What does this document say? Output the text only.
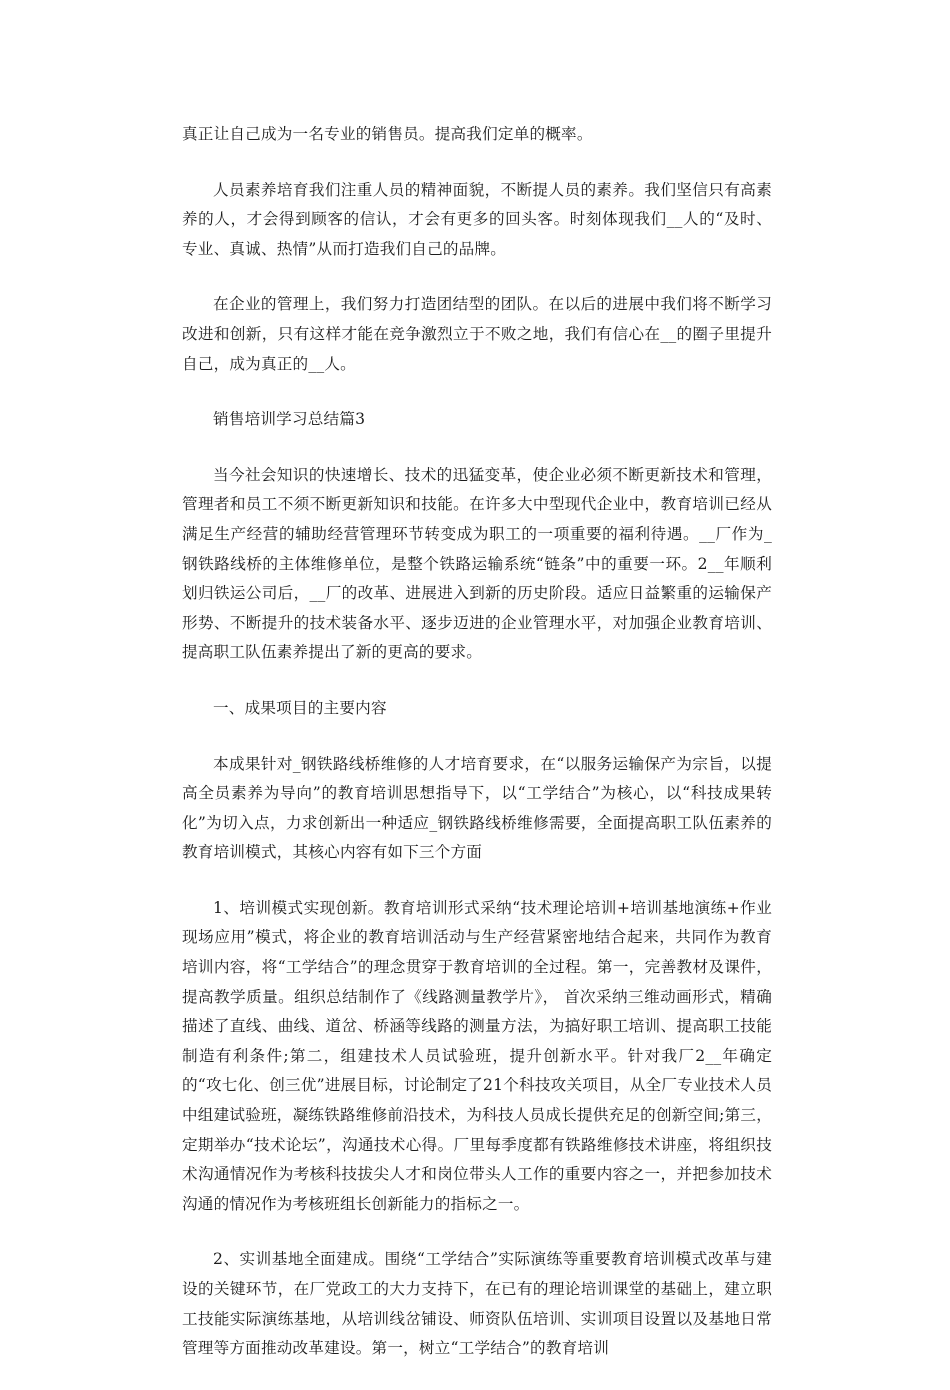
真正让自己成为一名专业的销售员。提高我们定单的概率。

人员素养培育我们注重人员的精神面貌，不断提人员的素养。我们坚信只有高素养的人，才会得到顾客的信认，才会有更多的回头客。时刻体现我们__人的“及时、专业、真诚、热情”从而打造我们自己的品牌。

在企业的管理上，我们努力打造团结型的团队。在以后的进展中我们将不断学习改进和创新，只有这样才能在竞争激烈立于不败之地，我们有信心在__的圈子里提升自己，成为真正的__人。

销售培训学习总结篇3

当今社会知识的快速增长、技术的迅猛变革，使企业必须不断更新技术和管理，管理者和员工不须不断更新知识和技能。在许多大中型现代企业中，教育培训已经从满足生产经营的辅助经营管理环节转变成为职工的一项重要的福利待遇。__厂作为_钢铁路线桥的主体维修单位，是整个铁路运输系统“链条”中的重要一环。2__年顺利划归铁运公司后，__厂的改革、进展进入到新的历史阶段。适应日益繁重的运输保产形势、不断提升的技术装备水平、逐步迈进的企业管理水平，对加强企业教育培训、提高职工队伍素养提出了新的更高的要求。

一、成果项目的主要内容

本成果针对_钢铁路线桥维修的人才培育要求，在“以服务运输保产为宗旨，以提高全员素养为导向”的教育培训思想指导下，以“工学结合”为核心，以“科技成果转化”为切入点，力求创新出一种适应_钢铁路线桥维修需要，全面提高职工队伍素养的教育培训模式，其核心内容有如下三个方面

1、培训模式实现创新。教育培训形式采纳“技术理论培训+培训基地演练+作业现场应用”模式，将企业的教育培训活动与生产经营紧密地结合起来，共同作为教育培训内容，将“工学结合”的理念贯穿于教育培训的全过程。第一，完善教材及课件，提高教学质量。组织总结制作了《线路测量教学片》， 首次采纳三维动画形式，精确描述了直线、曲线、道岔、桥涵等线路的测量方法，为搞好职工培训、提高职工技能制造有利条件;第二，组建技术人员试验班，提升创新水平。针对我厂2__年确定的“攻七化、创三优”进展目标，讨论制定了21个科技攻关项目，从全厂专业技术人员中组建试验班，凝练铁路维修前沿技术，为科技人员成长提供充足的创新空间;第三，定期举办“技术论坛”，沟通技术心得。厂里每季度都有铁路维修技术讲座，将组织技术沟通情况作为考核科技拔尖人才和岗位带头人工作的重要内容之一，并把参加技术沟通的情况作为考核班组长创新能力的指标之一。

2、实训基地全面建成。围绕“工学结合”实际演练等重要教育培训模式改革与建设的关键环节，在厂党政工的大力支持下，在已有的理论培训课堂的基础上，建立职工技能实际演练基地，从培训线岔铺设、师资队伍培训、实训项目设置以及基地日常管理等方面推动改革建设。第一，树立“工学结合”的教育培训
